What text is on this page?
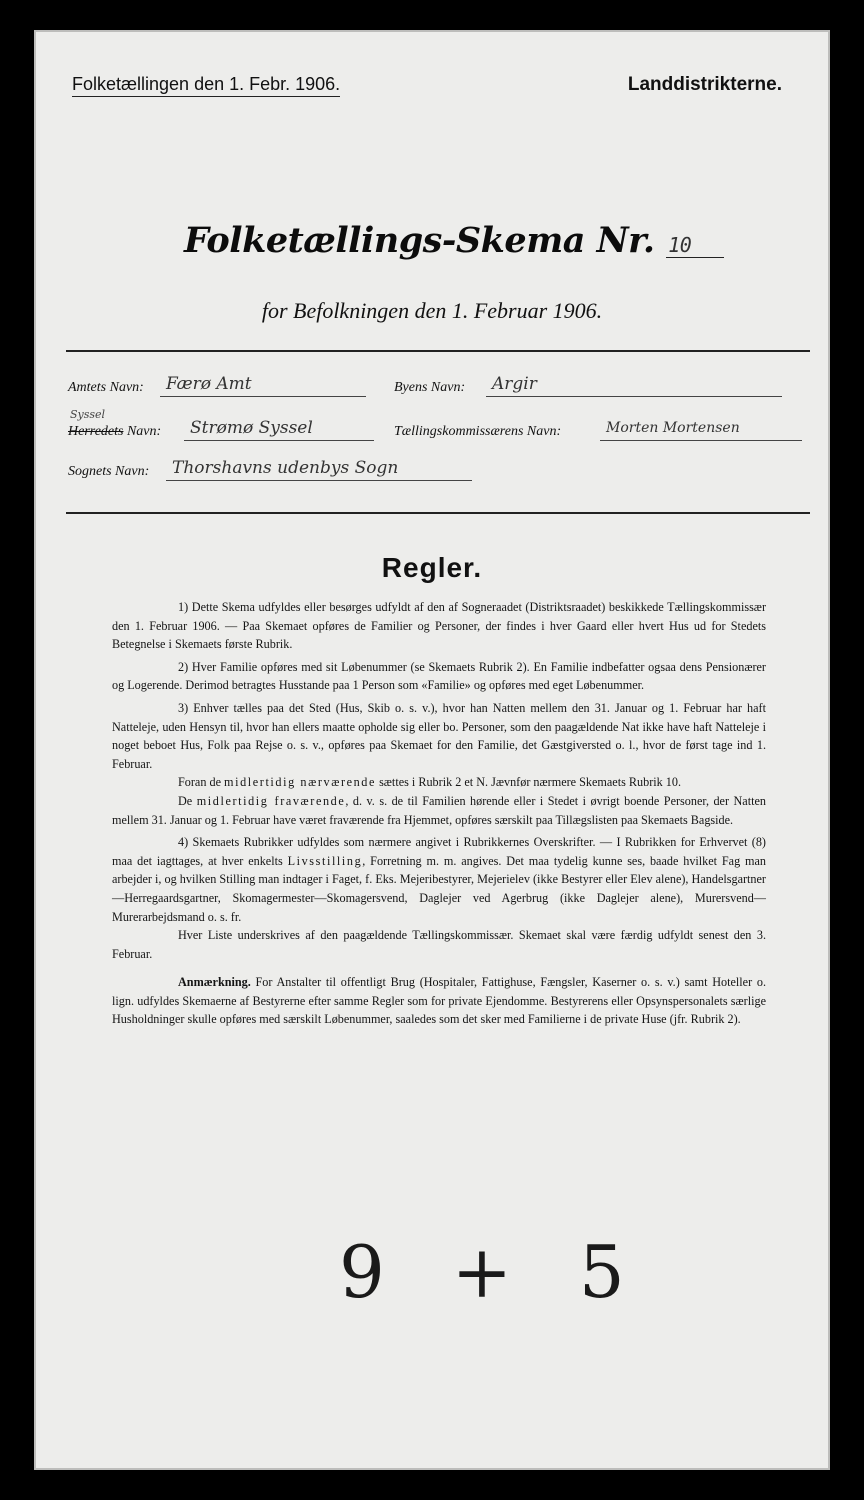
Folketællingen den 1. Febr. 1906.	Landdistrikterne.
Folketællings-Skema Nr. 10
for Befolkningen den 1. Februar 1906.
Amtets Navn:	Færø Amt	Byens Navn:	Argir
Syssel
Herredets Navn:	Strømø Syssel	Tællingskommissærens Navn:	Morten Mortensen
Sognets Navn:	Thorshavns udenbys Sogn
Regler.

1) Dette Skema udfyldes eller besørges udfyldt af den af Sogneraadet (Distriktsraadet) beskikkede Tællingskommissær den 1. Februar 1906. — Paa Skemaet opføres de Familier og Personer, der findes i hver Gaard eller hvert Hus ud for Stedets Betegnelse i Skemaets første Rubrik.

2) Hver Familie opføres med sit Løbenummer (se Skemaets Rubrik 2). En Familie indbefatter ogsaa dens Pensionærer og Logerende. Derimod betragtes Husstande paa 1 Person som «Familie» og opføres med eget Løbenummer.

3) Enhver tælles paa det Sted (Hus, Skib o. s. v.), hvor han Natten mellem den 31. Januar og 1. Februar har haft Natteleje, uden Hensyn til, hvor han ellers maatte opholde sig eller bo. Personer, som den paagældende Nat ikke have haft Natteleje i noget beboet Hus, Folk paa Rejse o. s. v., opføres paa Skemaet for den Familie, det Gæstgiversted o. l., hvor de først tage ind 1. Februar.

Foran de midlertidig nærværende sættes i Rubrik 2 et N. Jævnfør nærmere Skemaets Rubrik 10.

De midlertidig fraværende, d. v. s. de til Familien hørende eller i Stedet i øvrigt boende Personer, der Natten mellem 31. Januar og 1. Februar have været fraværende fra Hjemmet, opføres særskilt paa Tillægslisten paa Skemaets Bagside.

4) Skemaets Rubrikker udfyldes som nærmere angivet i Rubrikkernes Overskrifter. — I Rubrikken for Erhvervet (8) maa det iagttages, at hver enkelts Livsstilling, Forretning m. m. angives. Det maa tydelig kunne ses, baade hvilket Fag man arbejder i, og hvilken Stilling man indtager i Faget, f. Eks. Mejeribestyrer, Mejerielev (ikke Bestyrer eller Elev alene), Handelsgartner—Herregaardsgartner, Skomagermester—Skomagersvend, Daglejer ved Agerbrug (ikke Daglejer alene), Murersvend—Murerarbejdsmand o. s. fr.

Hver Liste underskrives af den paagældende Tællingskommissær. Skemaet skal være færdig udfyldt senest den 3. Februar.

Anmærkning. For Anstalter til offentligt Brug (Hospitaler, Fattighuse, Fængsler, Kaserner o. s. v.) samt Hoteller o. lign. udfyldes Skemaerne af Bestyrerne efter samme Regler som for private Ejendomme. Bestyrerens eller Opsynspersonalets særlige Husholdninger skulle opføres med særskilt Løbenummer, saaledes som det sker med Familierne i de private Huse (jfr. Rubrik 2).

9 + 5
